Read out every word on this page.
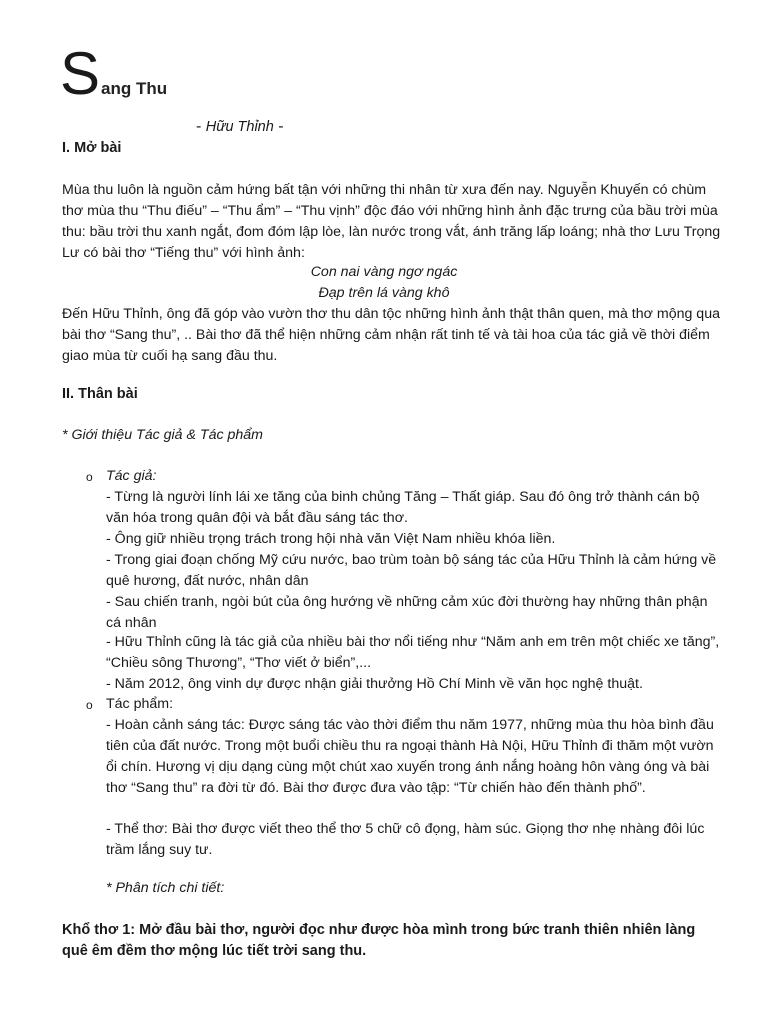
Sang Thu
- Hữu Thỉnh -
I. Mở bài
Mùa thu luôn là nguồn cảm hứng bất tận với những thi nhân từ xưa đến nay. Nguyễn Khuyến có chùm thơ mùa thu “Thu điếu” – “Thu ẩm” – “Thu vịnh” độc đáo với những hình ảnh đặc trưng của bầu trời mùa thu: bầu trời thu xanh ngắt, đom đóm lập lòe, làn nước trong vắt, ánh trăng lấp loáng; nhà thơ Lưu Trọng Lư có bài thơ “Tiếng thu” với hình ảnh:
Con nai vàng ngơ ngác
Đạp trên lá vàng khô
Đến Hữu Thỉnh, ông đã góp vào vườn thơ thu dân tộc những hình ảnh thật thân quen, mà thơ mộng qua bài thơ “Sang thu”, .. Bài thơ đã thể hiện những cảm nhận rất tinh tế và tài hoa của tác giả về thời điểm giao mùa từ cuối hạ sang đầu thu.
II. Thân bài
* Giới thiệu Tác giả & Tác phẩm
o Tác giả:
- Từng là người lính lái xe tăng của binh chủng Tăng – Thất giáp. Sau đó ông trở thành cán bộ văn hóa trong quân đội và bắt đầu sáng tác thơ.
- Ông giữ nhiều trọng trách trong hội nhà văn Việt Nam nhiều khóa liền.
- Trong giai đoạn chống Mỹ cứu nước, bao trùm toàn bộ sáng tác của Hữu Thỉnh là cảm hứng về quê hương, đất nước, nhân dân
- Sau chiến tranh, ngòi bút của ông hướng về những cảm xúc đời thường hay những thân phận cá nhân
- Hữu Thỉnh cũng là tác giả của nhiều bài thơ nổi tiếng như “Năm anh em trên một chiếc xe tăng”, “Chiều sông Thương”, “Thơ viết ở biển”,...
- Năm 2012, ông vinh dự được nhận giải thưởng Hồ Chí Minh về văn học nghệ thuật.
o Tác phẩm:
- Hoàn cảnh sáng tác: Được sáng tác vào thời điểm thu năm 1977, những mùa thu hòa bình đầu tiên của đất nước. Trong một buổi chiều thu ra ngoại thành Hà Nội, Hữu Thỉnh đi thăm một vườn ổi chín. Hương vị dịu dạng cùng một chút xao xuyến trong ánh nắng hoàng hôn vàng óng và bài thơ “Sang thu” ra đời từ đó. Bài thơ được đưa vào tập: “Từ chiến hào đến thành phố”.
- Thể thơ: Bài thơ được viết theo thể thơ 5 chữ cô đọng, hàm súc. Giọng thơ nhẹ nhàng đôi lúc trầm lắng suy tư.
* Phân tích chi tiết:
Khổ thơ 1: Mở đầu bài thơ, người đọc như được hòa mình trong bức tranh thiên nhiên làng quê êm đềm thơ mộng lúc tiết trời sang thu.
